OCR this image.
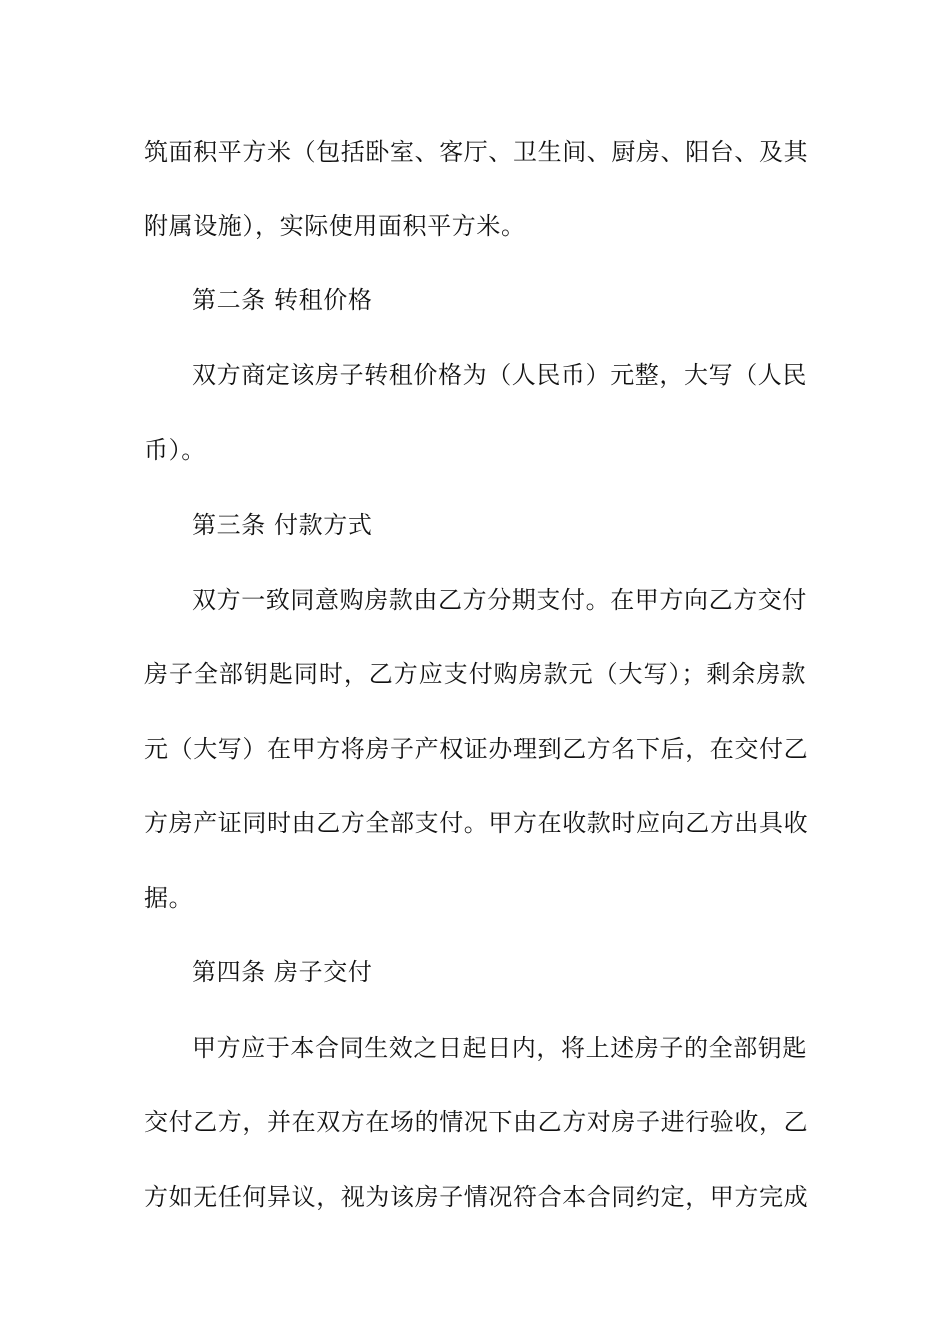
筑面积平方米（包括卧室、客厅、卫生间、厨房、阳台、及其
附属设施），实际使用面积平方米。
第二条 转租价格
双方商定该房子转租价格为（人民币）元整，大写（人民
币）。
第三条 付款方式
双方一致同意购房款由乙方分期支付。在甲方向乙方交付
房子全部钥匙同时，乙方应支付购房款元（大写）；剩余房款
元（大写）在甲方将房子产权证办理到乙方名下后，在交付乙
方房产证同时由乙方全部支付。甲方在收款时应向乙方出具收
据。
第四条 房子交付
甲方应于本合同生效之日起日内，将上述房子的全部钥匙
交付乙方，并在双方在场的情况下由乙方对房子进行验收，乙
方如无任何异议，视为该房子情况符合本合同约定，甲方完成
